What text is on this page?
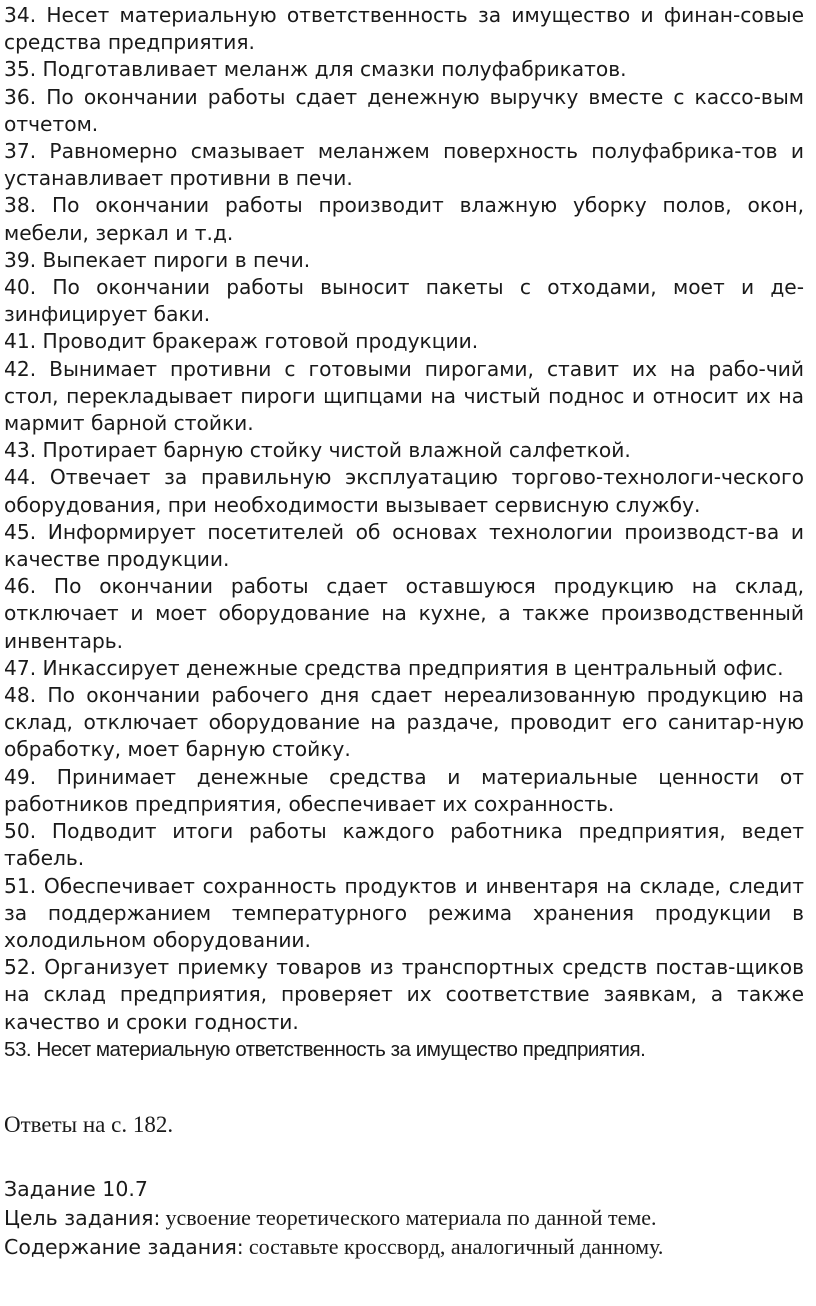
34. Несет материальную ответственность за имущество и финан-совые средства предприятия.
35. Подготавливает меланж для смазки полуфабрикатов.
36. По окончании работы сдает денежную выручку вместе с кассо-вым отчетом.
37. Равномерно смазывает меланжем поверхность полуфабрика-тов и устанавливает противни в печи.
38. По окончании работы производит влажную уборку полов, окон, мебели, зеркал и т.д.
39. Выпекает пироги в печи.
40. По окончании работы выносит пакеты с отходами, моет и де-зинфицирует баки.
41. Проводит бракераж готовой продукции.
42. Вынимает противни с готовыми пирогами, ставит их на рабо-чий стол, перекладывает пироги щипцами на чистый поднос и относит их на мармит барной стойки.
43. Протирает барную стойку чистой влажной салфеткой.
44. Отвечает за правильную эксплуатацию торгово-технологи-ческого оборудования, при необходимости вызывает сервисную службу.
45. Информирует посетителей об основах технологии производст-ва и качестве продукции.
46. По окончании работы сдает оставшуюся продукцию на склад, отключает и моет оборудование на кухне, а также производственный инвентарь.
47. Инкассирует денежные средства предприятия в центральный офис.
48. По окончании рабочего дня сдает нереализованную продукцию на склад, отключает оборудование на раздаче, проводит его санитар-ную обработку, моет барную стойку.
49. Принимает денежные средства и материальные ценности от работников предприятия, обеспечивает их сохранность.
50. Подводит итоги работы каждого работника предприятия, ведет табель.
51. Обеспечивает сохранность продуктов и инвентаря на складе, следит за поддержанием температурного режима хранения продукции в холодильном оборудовании.
52. Организует приемку товаров из транспортных средств постав-щиков на склад предприятия, проверяет их соответствие заявкам, а также качество и сроки годности.
53. Несет материальную ответственность за имущество предприятия.

Ответы на с. 182.

Задание 10.7

Цель задания: усвоение теоретического материала по данной теме.

Содержание задания: составьте кроссворд, аналогичный данному.
